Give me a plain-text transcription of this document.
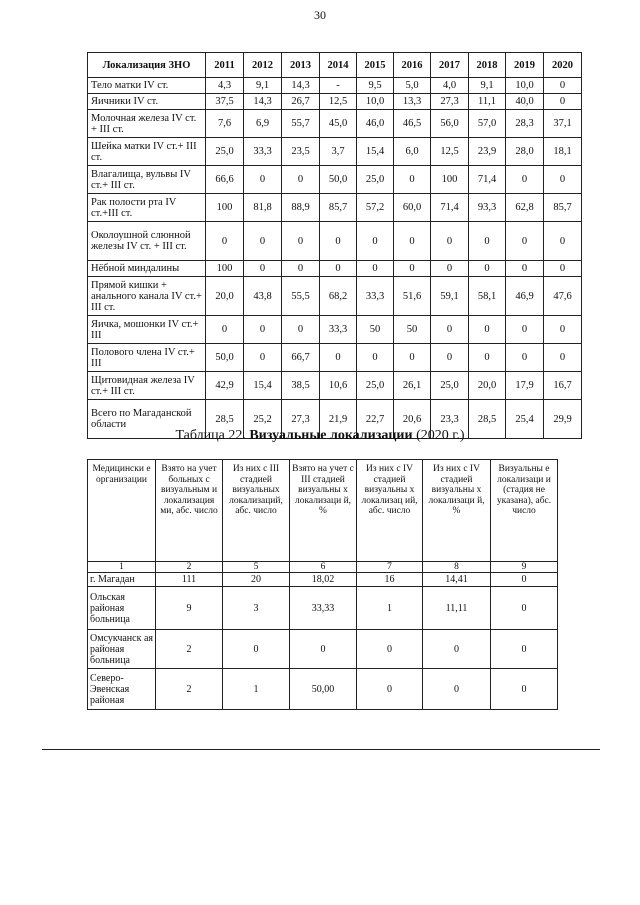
30
Локализация ЗНО	2011	2012	2013	2014	2015	2016	2017	2018	2019	2020
Тело матки IV ст.	4,3	9,1	14,3	-	9,5	5,0	4,0	9,1	10,0	0
Яичники IV ст.	37,5	14,3	26,7	12,5	10,0	13,3	27,3	11,1	40,0	0
Молочная железа IV ст. + III ст.	7,6	6,9	55,7	45,0	46,0	46,5	56,0	57,0	28,3	37,1
Шейка матки IV ст.+ III ст.	25,0	33,3	23,5	3,7	15,4	6,0	12,5	23,9	28,0	18,1
Влагалища, вульвы IV ст.+ III ст.	66,6	0	0	50,0	25,0	0	100	71,4	0	0
Рак полости рта IV ст.+III ст.	100	81,8	88,9	85,7	57,2	60,0	71,4	93,3	62,8	85,7
Околоушной слюнной железы IV ст. + III ст.	0	0	0	0	0	0	0	0	0	0
Нёбной миндалины	100	0	0	0	0	0	0	0	0	0
Прямой кишки + анального канала IV ст.+ III ст.	20,0	43,8	55,5	68,2	33,3	51,6	59,1	58,1	46,9	47,6
Яичка, мошонки IV ст.+ III	0	0	0	33,3	50	50	0	0	0	0
Полового члена IV ст.+ III	50,0	0	66,7	0	0	0	0	0	0	0
Щитовидная железа IV ст.+ III ст.	42,9	15,4	38,5	10,6	25,0	26,1	25,0	20,0	17,9	16,7
Всего по Магаданской области	28,5	25,2	27,3	21,9	22,7	20,6	23,3	28,5	25,4	29,9
Таблица 22. Визуальные локализации (2020 г.)
Медицински е организации	Взято на учет больных с визуальным и локализация ми, абс. число	Из них с III стадией визуальных локализаций, абс. число	Взято на учет с III стадией визуальны х локализаци й, %	Из них с IV стадией визуальны х локализац ий, абс. число	Из них с IV стадией визуальны х локализаци й, %	Визуальны е локализаци и (стадия не указана), абс. число
1	2	5	6	7	8	9
г. Магадан	111	20	18,02	16	14,41	0
Ольская районая больница	9	3	33,33	1	11,11	0
Омсукчанск ая районая больница	2	0	0	0	0	0
Северо-Эвенская районая	2	1	50,00	0	0	0
